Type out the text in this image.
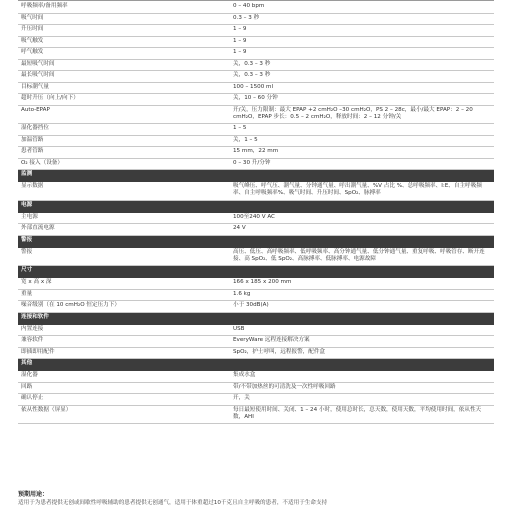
呼吸频率/备用频率	0 – 40 bpm
吸气时间	0.3 – 3 秒
升压时间	1 – 9
吸气触发	1 – 9
呼气触发	1 – 9
最短吸气时间	关，0.3 – 3 秒
最长吸气时间	关，0.3 – 3 秒
目标潮气量	100 – 1500 ml
超时升压（向上/向下）	关，10 – 60 分钟
Auto-EPAP	开/关，压力限制：最大 EPAP +2 cmH₂O –30 cmH₂O，PS 2 – 28c，最小/最大 EPAP：2 – 20 cmH₂O，EPAP 步长：0.5 – 2 cmH₂O，释放时间：2 – 12 分钟/关
湿化器挡位	1 – 5
加温管路	关，1 – 5
患者管路	15 mm，22 mm
O₂ 接入（设备）	0 – 30 升/分钟
监测	
显示数据	吸气峰压、呼气压、潮气量、分钟通气量、呼出潮气量、%V 占比 %、总呼吸频率、I:E、自主呼吸频率、自主呼吸频率%、吸气时间、升压时间、SpO₂、脉搏率
电源	
主电源	100至240 V AC
外部直流电源	24 V
警报	
警报	高压、低压、高呼吸频率、低呼吸频率、高分钟通气量、低分钟通气量、重复呼吸、呼吸管存、断开连接、高 SpO₂、低 SpO₂、高脉搏率、低脉搏率、电源故障
尺寸	
宽 x 高 x 深	166 x 185 x 200 mm
重量	1.6 kg
噪音级别（在 10 cmH₂O 恒定压力下）	小于 30dB(A)
连接和软件	
内置连接	USB
兼容软件	EveryWare 远程连接解决方案
即插即用配件	SpO₂，护士呼叫，远程报警，配件盒
其他	
湿化器	集成水盒
回路	带/不带加热丝的可清洗及一次性呼吸回路
确认停止	开，关
依从性数据（屏显）	每日最短使用时间、关闭、1 – 24 小时，使用总时长，总天数，使用天数，平均使用时间，依从性天数，AHI
预期用途：
适用于为患者提供无创或间歇性呼吸辅助的患者提供无创通气，适用于体重超过10千克且自主呼吸的患者，不适用于生命支持
